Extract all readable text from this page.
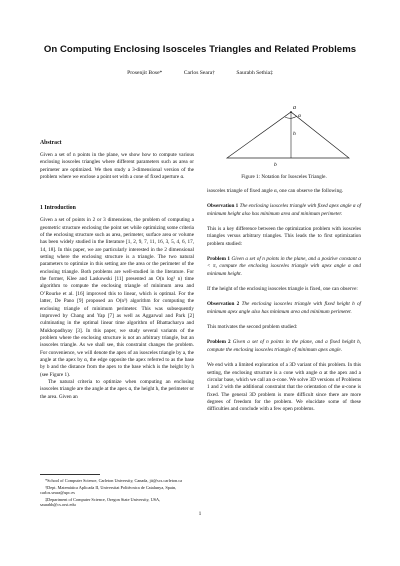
On Computing Enclosing Isosceles Triangles and Related Problems
Prosenjit Bose*	Carlos Seara†	Saurabh Sethia‡
Abstract

Given a set of n points in the plane, we show how to compute various enclosing isosceles triangles where different parameters such as area or perimeter are optimized. We then study a 3-dimensional version of the problem where we enclose a point set with a cone of fixed aperture α.

1 Introduction

Given a set of points in 2 or 3 dimensions, the problem of computing a geometric structure enclosing the point set while optimizing some criteria of the enclosing structure such as area, perimeter, surface area or volume has been widely studied in the literature [1, 2, 9, 7, 11, 16, 3, 5, 4, 6, 17, 14, 18]. In this paper, we are particularly interested in the 2 dimensional setting where the enclosing structure is a triangle. The two natural parameters to optimize in this setting are the area or the perimeter of the enclosing triangle. Both problems are well-studied in the literature. For the former, Klee and Laskowski [11] presented an O(n log² n) time algorithm to compute the enclosing triangle of minimum area and O’Rourke et al. [16] improved this to linear, which is optimal. For the latter, De Pano [9] proposed an O(n³) algorithm for computing the enclosing triangle of minimum perimeter. This was subsequently improved by Chang and Yap [7] as well as Aggarwal and Park [2] culminating in the optimal linear time algorithm of Bhattacharya and Mukhopadhyay [3]. In this paper, we study several variants of the problem where the enclosing structure is not an arbitrary triangle, but an isosceles triangle. As we shall see, this constraint changes the problem. For convenience, we will denote the apex of an isosceles triangle by a, the angle at the apex by α, the edge opposite the apex referred to as the base by b and the distance from the apex to the base which is the height by h (see Figure 1).

The natural criteria to optimize when computing an enclosing isosceles triangle are the angle at the apex α, the height h, the perimeter or the area. Given an

*School of Computer Science, Carleton University, Canada, jit@scs.carleton.ca

†Dept. Matemàtica Aplicada II, Universitat Politècnica de Catalunya, Spain, carlos.seara@upc.es

‡Department of Computer Science, Oregon State University, USA, saurabh@cs.orst.edu

a
α
h
b
Figure 1: Notation for Isosceles Triangle.

isosceles triangle of fixed angle α, one can observe the following.

Observation 1 The enclosing isosceles triangle with fixed apex angle α of minimum height also has minimum area and minimum perimeter.

This is a key difference between the optimization problem with isosceles triangles versus arbitrary triangles. This leads the to first optimization problem studied:

Problem 1 Given a set of n points in the plane, and a positive constant α < π, compute the enclosing isosceles triangle with apex angle α and minimum height.

If the height of the enclosing isosceles triangle is fixed, one can observe:

Observation 2 The enclosing isosceles triangle with fixed height h of minimum apex angle also has minimum area and minimum perimeter.

This motivates the second problem studied:

Problem 2 Given a set of n points in the plane, and a fixed height h, compute the enclosing isosceles triangle of minimum apex angle.

We end with a limited exploration of a 3D variant of this problem. In this setting, the enclosing structure is a cone with angle α at the apex and a circular base, which we call an α-cone. We solve 3D versions of Problems 1 and 2 with the additional constraint that the orientation of the α-cone is fixed. The general 3D problem is more difficult since there are more degrees of freedom for the problem. We elucidate some of these difficulties and conclude with a few open problems.

1
